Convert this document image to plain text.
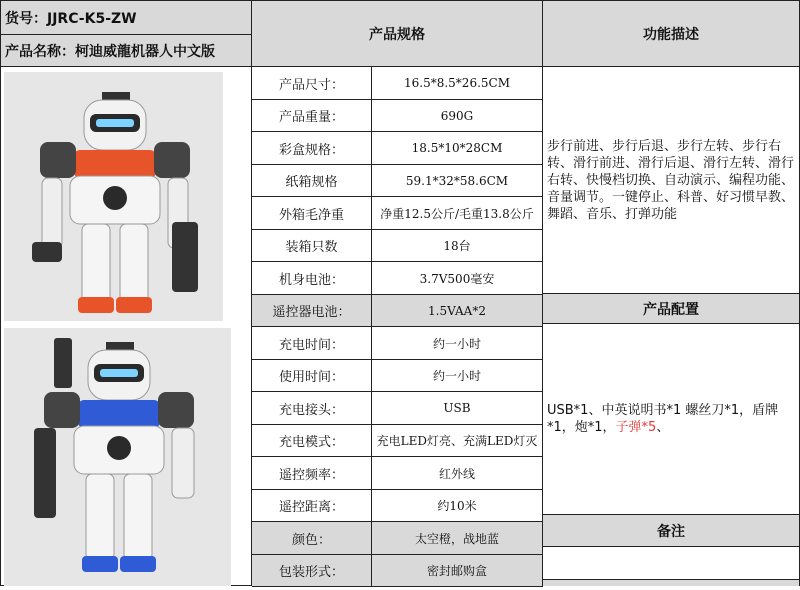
货号：JJRC-K5-ZW
产品名称：柯迪威龍机器人中文版
产品规格	功能描述
产品尺寸：	16.5*8.5*26.5CM
产品重量：	690G
彩盒规格：	18.5*10*28CM
纸箱规格	59.1*32*58.6CM
外箱毛净重	净重12.5公斤/毛重13.8公斤
装箱只数	18台
机身电池：	3.7V500毫安
遥控器电池：	1.5VAA*2
充电时间：	约一小时
使用时间：	约一小时
充电接头：	USB
充电模式：	充电LED灯亮、充满LED灯灭
遥控频率：	红外线
遥控距离：	约10米
颜色：	太空橙，战地蓝
包装形式：	密封邮购盒
步行前进、步行后退、步行左转、步行右转、滑行前进、滑行后退、滑行左转、滑行右转、快慢档切换、自动演示、编程功能、音量调节。一键停止、科普、好习惯早教、舞蹈、音乐、打弹功能
产品配置
USB*1、中英说明书*1 螺丝刀*1，盾牌*1，炮*1，子弹*5、
备注
